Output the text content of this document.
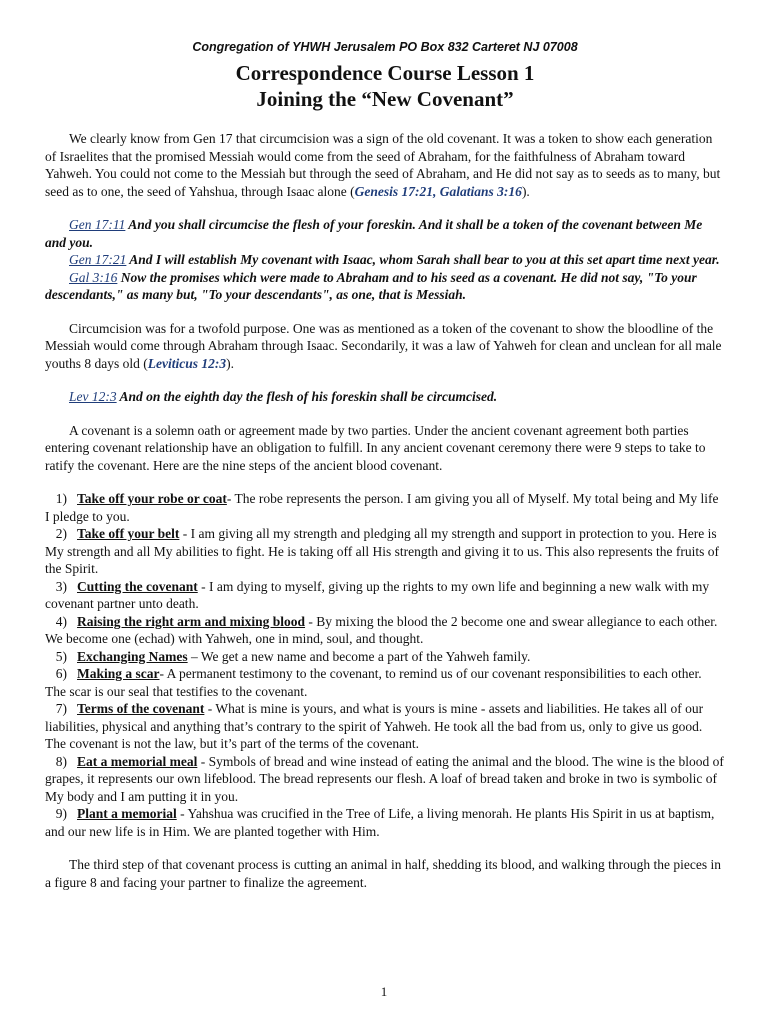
Congregation of YHWH Jerusalem PO Box 832 Carteret NJ 07008
Correspondence Course Lesson 1
Joining the “New Covenant”

We clearly know from Gen 17 that circumcision was a sign of the old covenant. It was a token to show each generation of Israelites that the promised Messiah would come from the seed of Abraham, for the faithfulness of Abraham toward Yahweh. You could not come to the Messiah but through the seed of Abraham, and He did not say as to seeds as to many, but seed as to one, the seed of Yahshua, through Isaac alone (Genesis 17:21, Galatians 3:16).

Gen 17:11 And you shall circumcise the flesh of your foreskin. And it shall be a token of the covenant between Me and you.

Gen 17:21 And I will establish My covenant with Isaac, whom Sarah shall bear to you at this set apart time next year.

Gal 3:16 Now the promises which were made to Abraham and to his seed as a covenant. He did not say, "To your descendants," as many but, "To your descendants", as one, that is Messiah.

Circumcision was for a twofold purpose. One was as mentioned as a token of the covenant to show the bloodline of the Messiah would come through Abraham through Isaac. Secondarily, it was a law of Yahweh for clean and unclean for all male youths 8 days old (Leviticus 12:3).

Lev 12:3 And on the eighth day the flesh of his foreskin shall be circumcised.

A covenant is a solemn oath or agreement made by two parties. Under the ancient covenant agreement both parties entering covenant relationship have an obligation to fulfill. In any ancient covenant ceremony there were 9 steps to take to ratify the covenant. Here are the nine steps of the ancient blood covenant.

1) Take off your robe or coat- The robe represents the person. I am giving you all of Myself. My total being and My life I pledge to you.

2) Take off your belt - I am giving all my strength and pledging all my strength and support in protection to you. Here is My strength and all My abilities to fight. He is taking off all His strength and giving it to us. This also represents the fruits of the Spirit.

3) Cutting the covenant - I am dying to myself, giving up the rights to my own life and beginning a new walk with my covenant partner unto death.

4) Raising the right arm and mixing blood - By mixing the blood the 2 become one and swear allegiance to each other. We become one (echad) with Yahweh, one in mind, soul, and thought.

5) Exchanging Names – We get a new name and become a part of the Yahweh family.

6) Making a scar- A permanent testimony to the covenant, to remind us of our covenant responsibilities to each other. The scar is our seal that testifies to the covenant.

7) Terms of the covenant - What is mine is yours, and what is yours is mine - assets and liabilities. He takes all of our liabilities, physical and anything that’s contrary to the spirit of Yahweh. He took all the bad from us, only to give us good. The covenant is not the law, but it’s part of the terms of the covenant.

8) Eat a memorial meal - Symbols of bread and wine instead of eating the animal and the blood. The wine is the blood of grapes, it represents our own lifeblood. The bread represents our flesh. A loaf of bread taken and broke in two is symbolic of My body and I am putting it in you.

9) Plant a memorial - Yahshua was crucified in the Tree of Life, a living menorah. He plants His Spirit in us at baptism, and our new life is in Him. We are planted together with Him.

The third step of that covenant process is cutting an animal in half, shedding its blood, and walking through the pieces in a figure 8 and facing your partner to finalize the agreement.

1
